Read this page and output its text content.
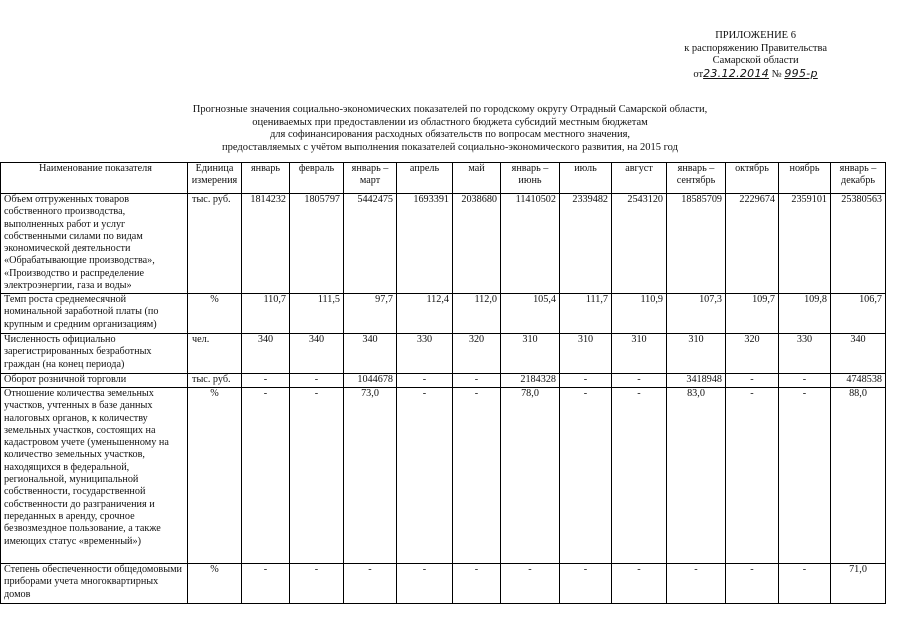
ПРИЛОЖЕНИЕ 6
к распоряжению Правительства
Самарской области
от23.12.2014 № 995-р
Прогнозные значения социально-экономических показателей по городскому округу Отрадный Самарской области,
оцениваемых при предоставлении из областного бюджета субсидий местным бюджетам
для софинансирования расходных обязательств по вопросам местного значения,
предоставляемых с учётом выполнения показателей социально-экономического развития, на 2015 год
Наименование показателя	Единица измерения	январь	февраль	январь – март	апрель	май	январь – июнь	июль	август	январь – сентябрь	октябрь	ноябрь	январь – декабрь
Объем отгруженных товаров собственного производства, выполненных работ и услуг собственными силами по видам экономической деятельности «Обрабатывающие производства», «Производство и распределение электроэнергии, газа и воды»	тыс. руб.	1814232	1805797	5442475	1693391	2038680	11410502	2339482	2543120	18585709	2229674	2359101	25380563
Темп роста среднемесячной номинальной заработной платы (по крупным и средним организациям)	%	110,7	111,5	97,7	112,4	112,0	105,4	111,7	110,9	107,3	109,7	109,8	106,7
Численность официально зарегистрированных безработных граждан (на конец периода)	чел.	340	340	340	330	320	310	310	310	310	320	330	340
Оборот розничной торговли	тыс. руб.	-	-	1044678	-	-	2184328	-	-	3418948	-	-	4748538
Отношение количества земельных участков, учтенных в базе данных налоговых органов, к количеству земельных участков, состоящих на кадастровом учете (уменьшенному на количество земельных участков, находящихся в федеральной, региональной, муниципальной собственности, государственной собственности до разграничения и переданных в аренду, срочное безвозмездное пользование, а также имеющих статус «временный»)	%	-	-	73,0	-	-	78,0	-	-	83,0	-	-	88,0
Степень обеспеченности общедомовыми приборами учета многоквартирных домов	%	-	-	-	-	-	-	-	-	-	-	-	71,0
